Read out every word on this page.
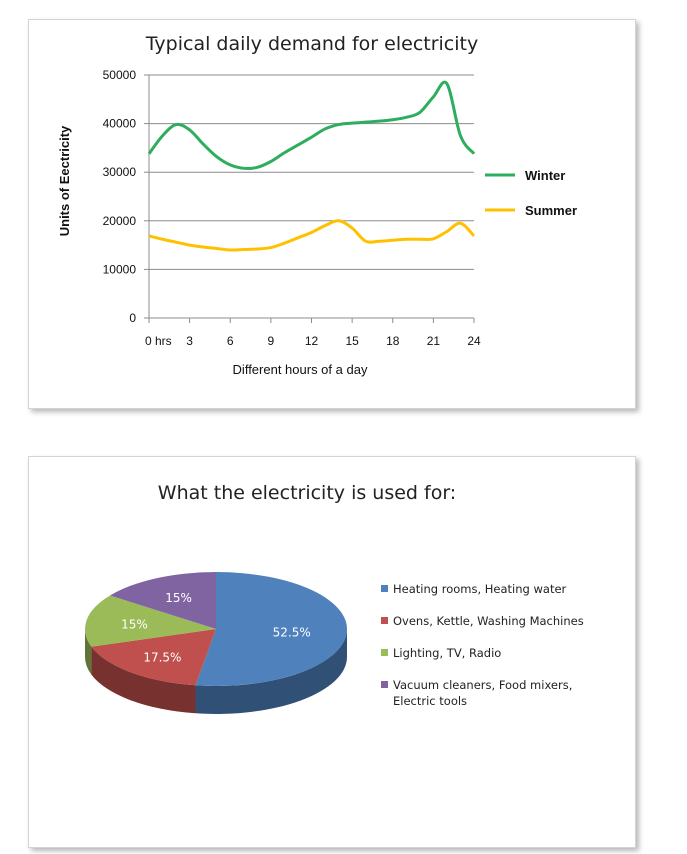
Typical daily demand for electricity
0
10000
20000
30000
40000
50000
0 hrs 3	6	9	12 15 18 21 24
Units of Eectricity
Different hours of a day
Winter
Summer
What the electricity is used for:
52.5%
17.5%
15%
15%
Heating rooms, Heating water
Ovens, Kettle, Washing Machines
Lighting, TV, Radio
Vacuum cleaners, Food mixers,
Electric tools
